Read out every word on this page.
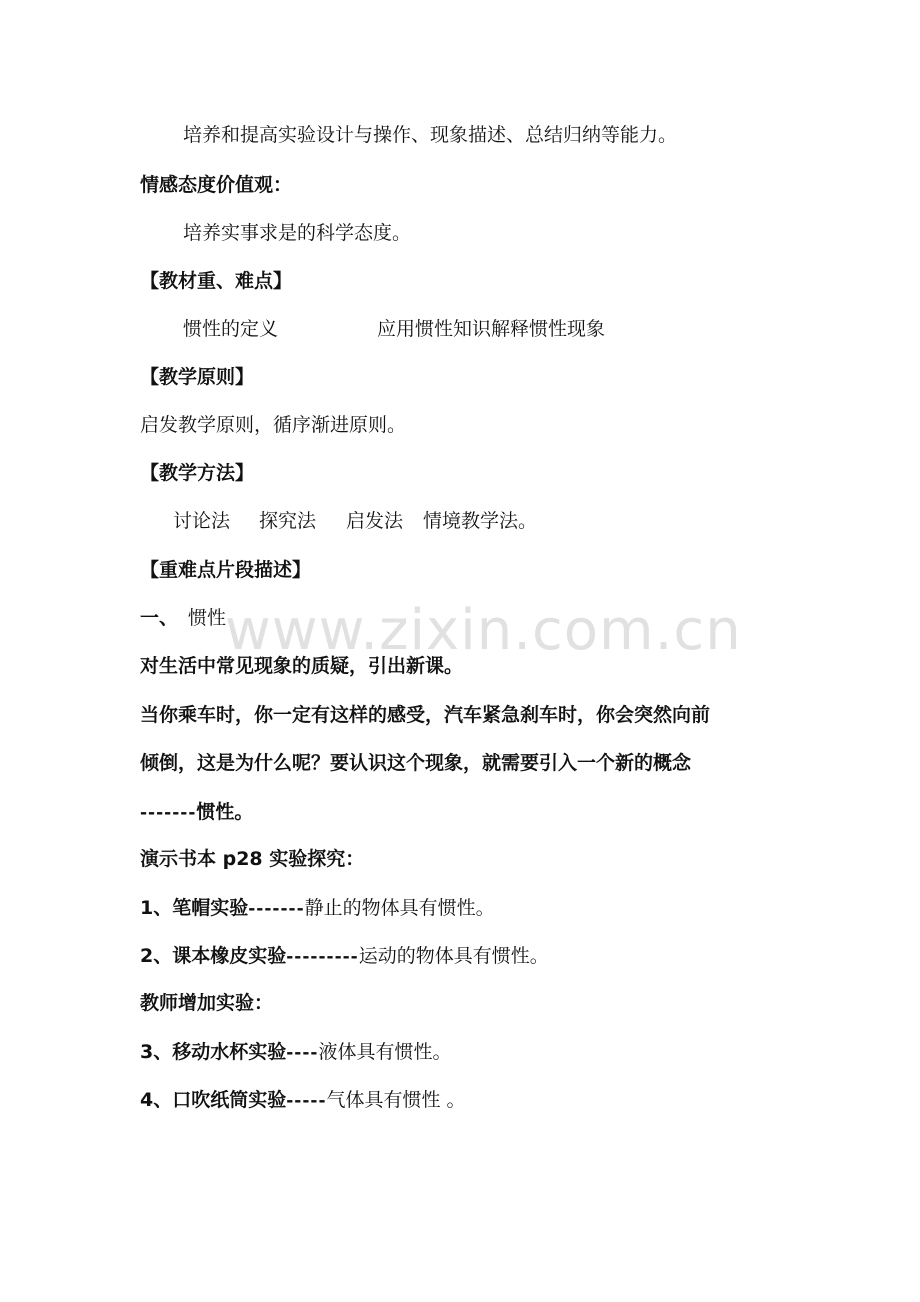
培养和提高实验设计与操作、现象描述、总结归纳等能力。
情感态度价值观：
培养实事求是的科学态度。
【教材重、难点】
惯性的定义	应用惯性知识解释惯性现象
【教学原则】
启发教学原则，循序渐进原则。
【教学方法】
讨论法 探究法 启发法 情境教学法。
【重难点片段描述】
一、 惯性
www.zixin.com.cn
对生活中常见现象的质疑，引出新课。
当你乘车时，你一定有这样的感受，汽车紧急刹车时，你会突然向前
倾倒，这是为什么呢？要认识这个现象，就需要引入一个新的概念
-------惯性。
演示书本 p28 实验探究：
1、笔帽实验-------静止的物体具有惯性。
2、课本橡皮实验---------运动的物体具有惯性。
教师增加实验：
3、移动水杯实验----液体具有惯性。
4、口吹纸筒实验-----气体具有惯性 。
